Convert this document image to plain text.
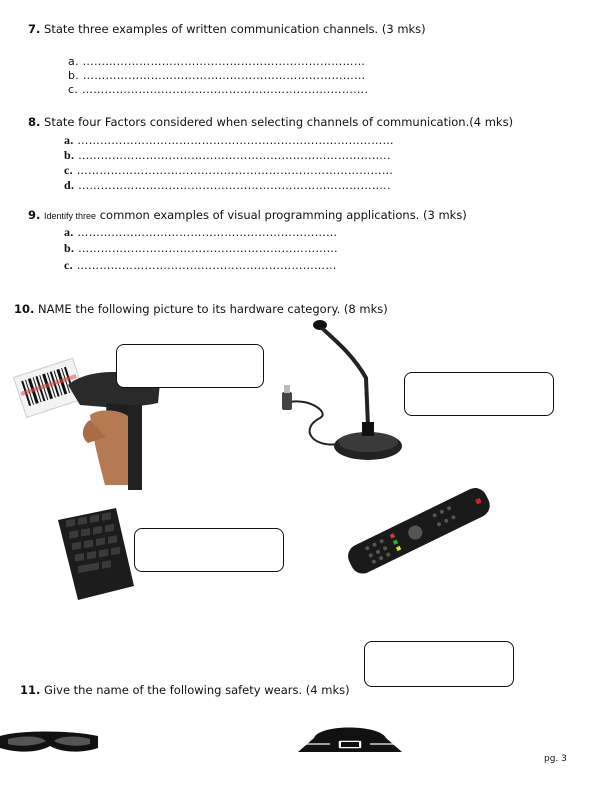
7. State three examples of written communication channels. (3 mks)
a. …………………………………………………………………
b. …………………………………………………………………
c. ………………………………………………………………….
8. State four Factors considered when selecting channels of communication.(4 mks)
a. …………………………………………………………………………
b. ………………………………………………………………………..
c. …………………………………………………………………………
d. ………………………………………………………………………..
9. Identify three common examples of visual programming applications. (3 mks)
a. ……………………………………………………………
b. ……………………………………………………………
c. ……………………………………………………………
10. NAME the following picture to its hardware category. (8 mks)
11. Give the name of the following safety wears. (4 mks)
pg. 3
